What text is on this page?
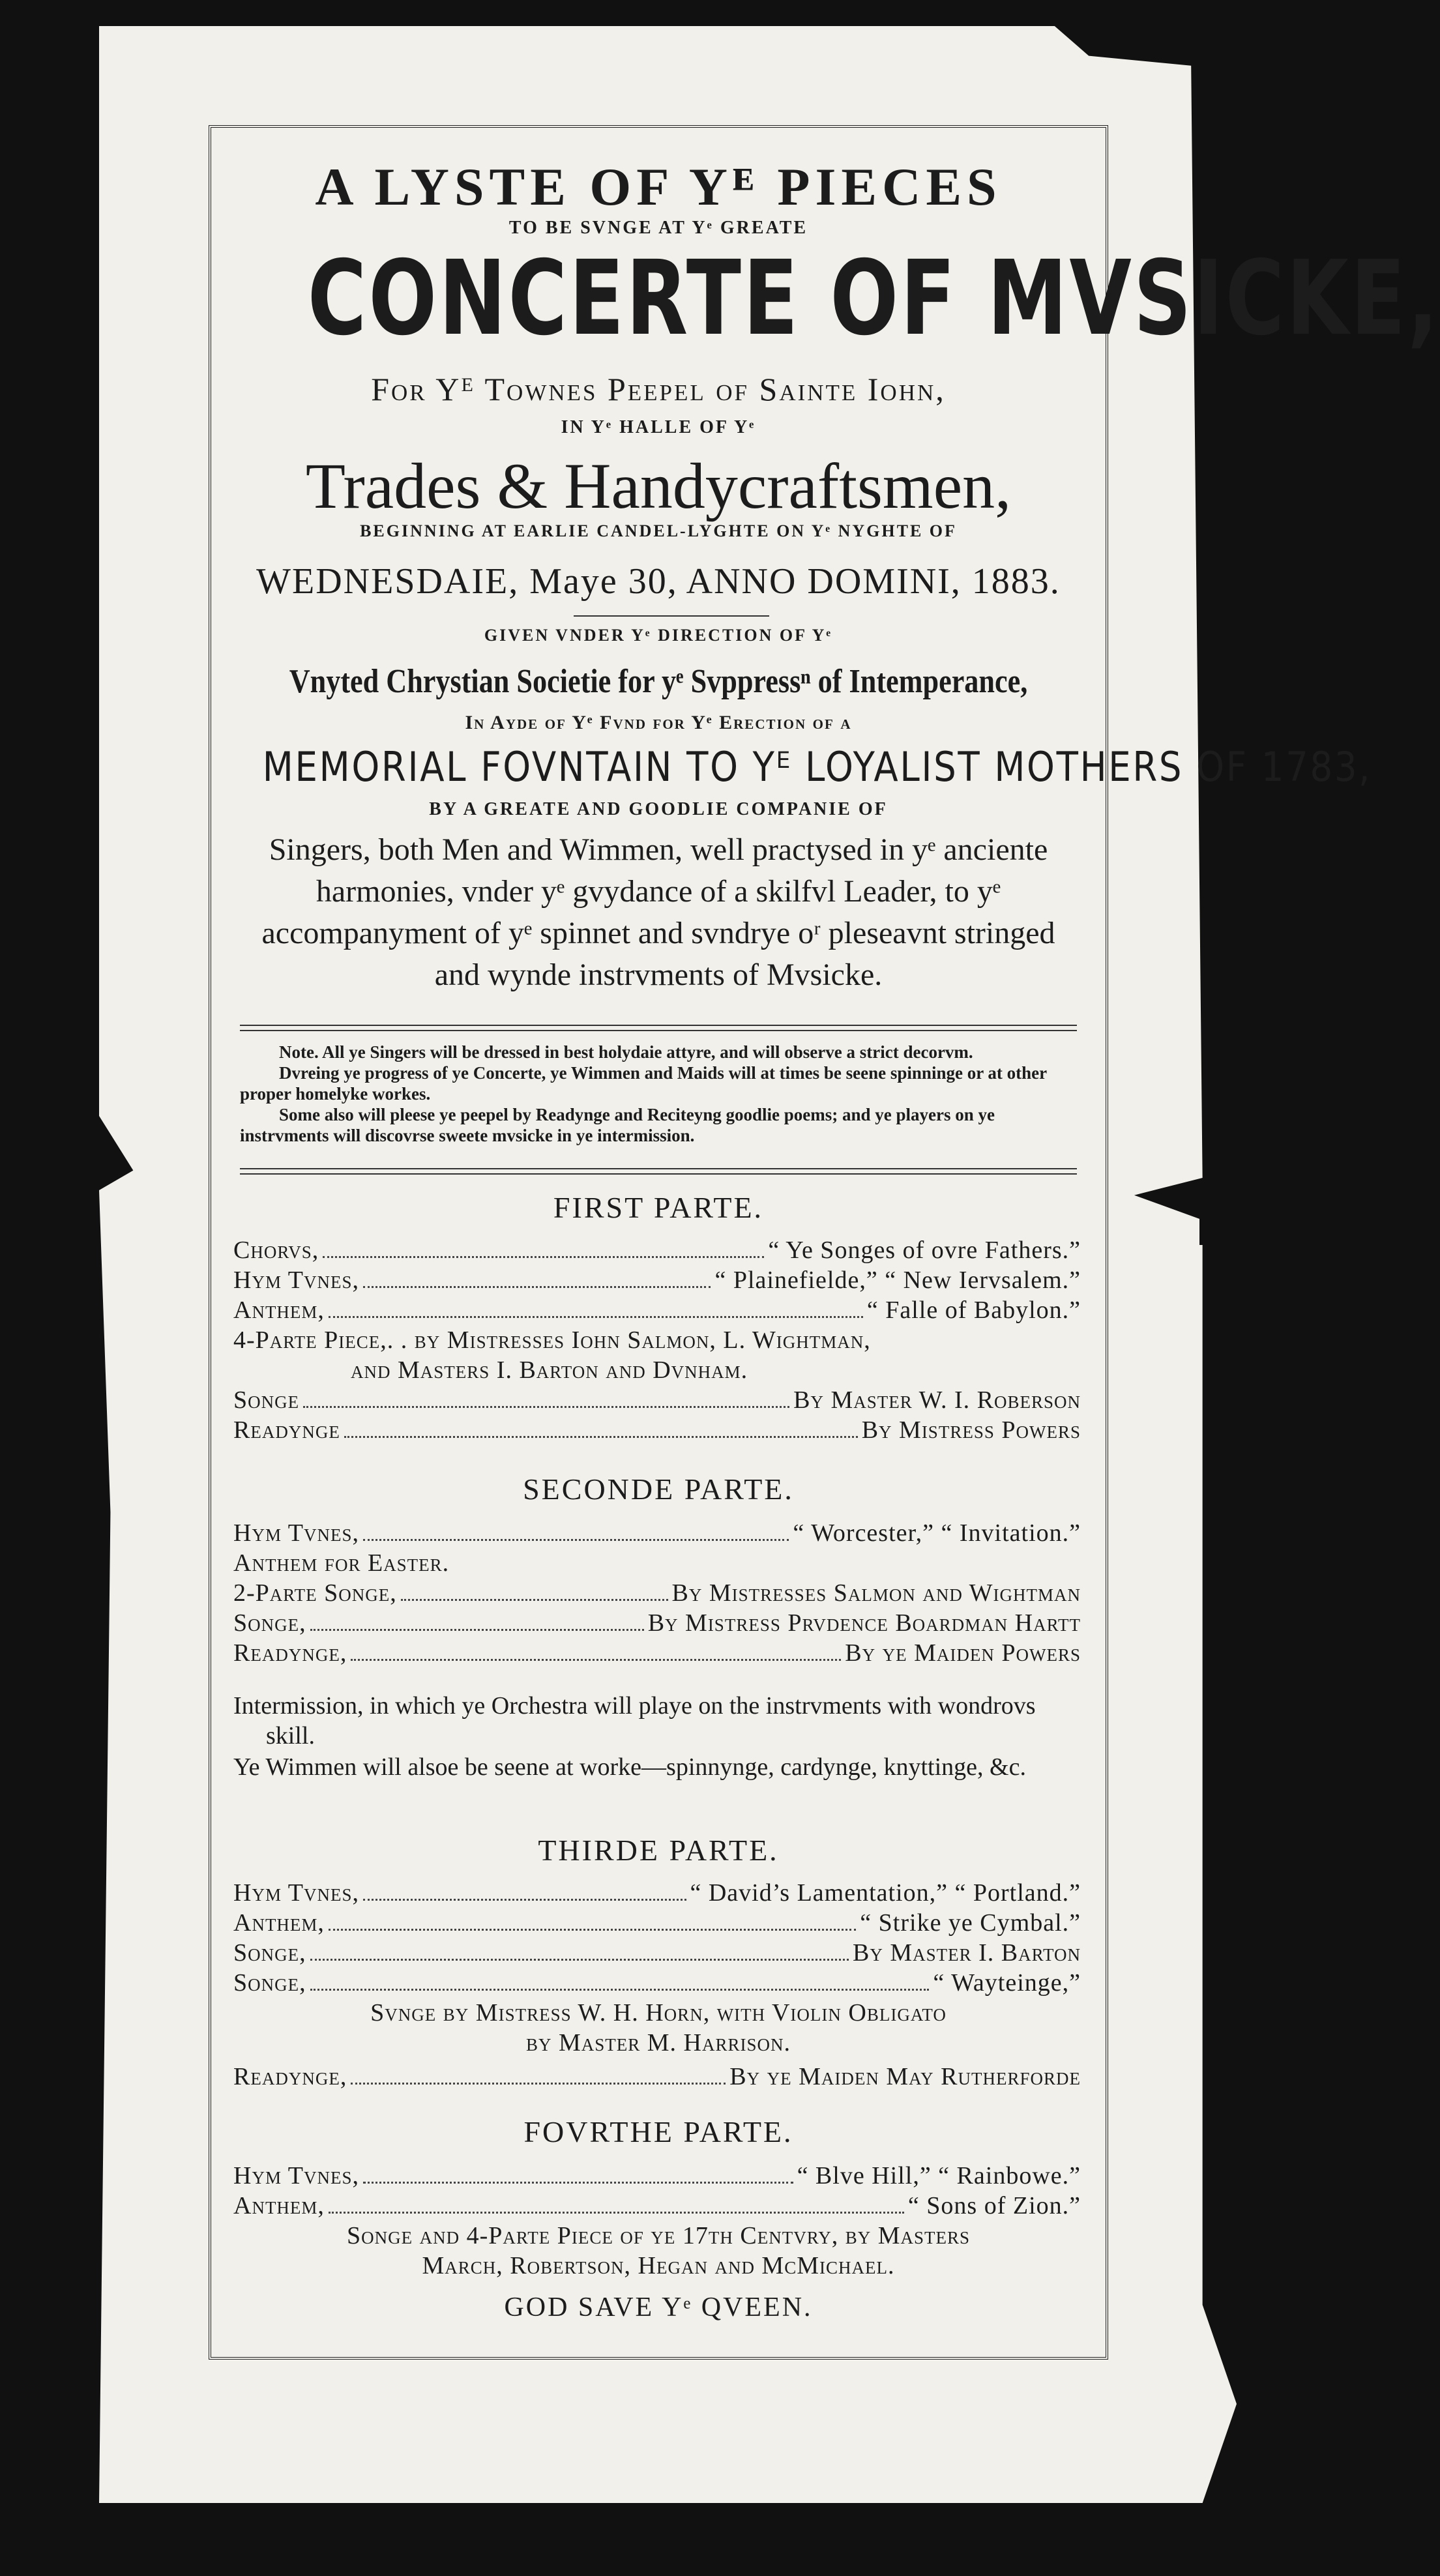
A LYSTE OF Yᴱ PIECES
TO BE SVNGE AT Yᵉ GREATE
CONCERTE OF MVSICKE,
For Yᴱ Townes Peepel of Sainte Iohn,
IN Yᵉ HALLE OF Yᵉ
Trades & Handycraftsmen,
BEGINNING AT EARLIE CANDEL-LYGHTE ON Yᵉ NYGHTE OF
WEDNESDAIE, Maye 30, ANNO DOMINI, 1883.
GIVEN VNDER Yᵉ DIRECTION OF Yᵉ
Vnyted Chrystian Societie for yᵉ Svppressⁿ of Intemperance,
In Ayde of Yᵉ Fvnd for Yᵉ Erection of a
MEMORIAL FOVNTAIN TO Yᴱ LOYALIST MOTHERS OF 1783,
BY A GREATE AND GOODLIE COMPANIE OF
Singers, both Men and Wimmen, well practysed in yᵉ anciente harmonies, vnder yᵉ gvydance of a skilfvl Leader, to yᵉ accompanyment of yᵉ spinnet and svndrye oʳ pleseavnt stringed and wynde instrvments of Mvsicke.

Note. All ye Singers will be dressed in best holydaie attyre, and will observe a strict decorvm.

Dvreing ye progress of ye Concerte, ye Wimmen and Maids will at times be seene spinninge or at other proper homelyke workes.

Some also will pleese ye peepel by Readynge and Reciteyng goodlie poems; and ye players on ye instrvments will discovrse sweete mvsicke in ye intermission.

FIRST PARTE.
Chorvs,	“ Ye Songes of ovre Fathers.”
Hym Tvnes,	“ Plainefielde,” “ New Iervsalem.”
Anthem,	“ Falle of Babylon.”
4-Parte Piece,. . by Mistresses Iohn Salmon, L. Wightman,
and Masters I. Barton and Dvnham.
Songe	By Master W. I. Roberson
Readynge	By Mistress Powers
SECONDE PARTE.
Hym Tvnes,	“ Worcester,” “ Invitation.”
Anthem for Easter.
2-Parte Songe,	By Mistresses Salmon and Wightman
Songe,	By Mistress Prvdence Boardman Hartt
Readynge,	By ye Maiden Powers
Intermission, in which ye Orchestra will playe on the instrvments with wondrovs skill.
Ye Wimmen will alsoe be seene at worke—spinnynge, cardynge, knyttinge, &c.
THIRDE PARTE.
Hym Tvnes,	“ David’s Lamentation,” “ Portland.”
Anthem,	“ Strike ye Cymbal.”
Songe,	By Master I. Barton
Songe,	“ Wayteinge,”
Svnge by Mistress W. H. Horn, with Violin Obligato
by Master M. Harrison.
Readynge,	By ye Maiden May Rutherforde
FOVRTHE PARTE.
Hym Tvnes,	“ Blve Hill,” “ Rainbowe.”
Anthem,	“ Sons of Zion.”
Songe and 4-Parte Piece of ye 17th Centvry, by Masters
March, Robertson, Hegan and McMichael.
GOD SAVE Yᵉ QVEEN.
